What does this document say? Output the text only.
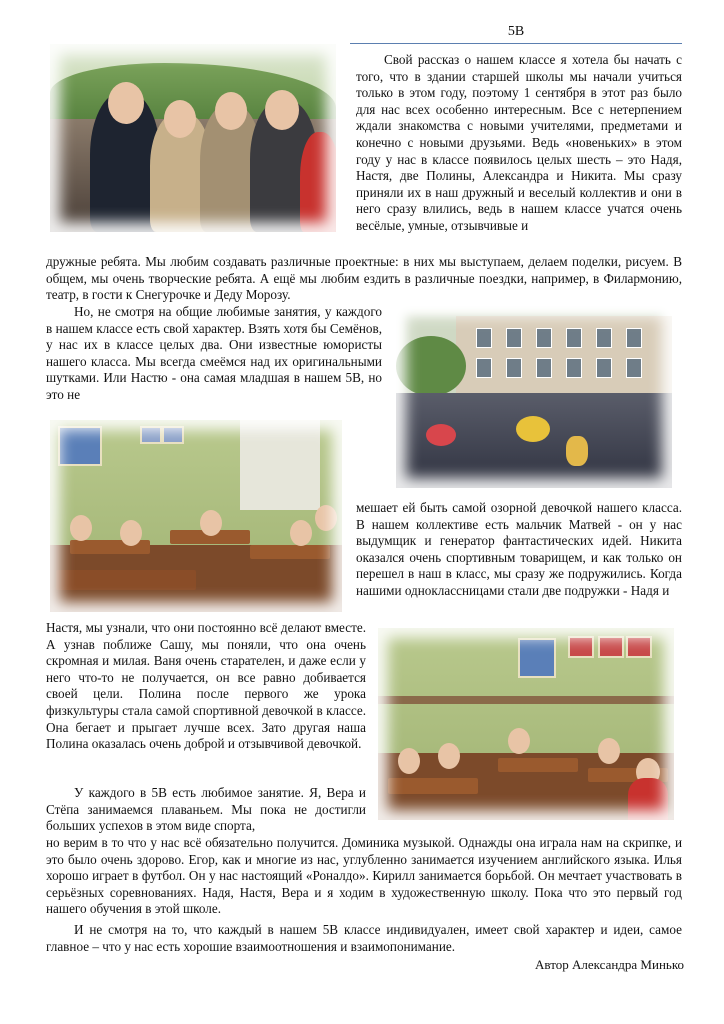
5В

Свой рассказ о нашем классе я хотела бы начать с того, что в здании старшей школы мы начали учиться только в этом году, поэтому 1 сентября в этот раз было для нас всех особенно интересным. Все с нетерпением ждали знакомства с новыми учителями, предметами и конечно с новыми друзьями. Ведь «новеньких» в этом году у нас в классе появилось целых шесть – это Надя, Настя, две Полины, Александра и Никита. Мы сразу приняли их в наш дружный и веселый коллектив и они в него сразу влились, ведь в нашем классе учатся очень весёлые, умные, отзывчивые и

дружные ребята. Мы любим создавать различные проектные: в них мы выступаем, делаем поделки, рисуем. В общем, мы очень творческие ребята. А ещё мы любим ездить в различные поездки, например, в Филармонию, театр, в гости к Снегурочке и Деду Морозу.

Но, не смотря на общие любимые занятия, у каждого в нашем классе есть свой характер. Взять хотя бы Семёнов, у нас их в классе целых два. Они известные юмористы нашего класса. Мы всегда смеёмся над их оригинальными шутками. Или Настю - она самая младшая в нашем 5В, но это не

мешает ей быть самой озорной девочкой нашего класса. В нашем коллективе есть мальчик Матвей - он у нас выдумщик и генератор фантастических идей. Никита оказался очень спортивным товарищем, и как только он перешел в наш в класс, мы сразу же подружились. Когда нашими одноклассницами стали две подружки - Надя и

Настя, мы узнали, что они постоянно всё делают вместе. А узнав поближе Сашу, мы поняли, что она очень скромная и милая. Ваня очень старателен, и даже если у него что-то не получается, он все равно добивается своей цели. Полина после первого же урока физкультуры стала самой спортивной девочкой в классе. Она бегает и прыгает лучше всех. Зато другая наша Полина оказалась очень доброй и отзывчивой девочкой.

У каждого в 5В есть любимое занятие. Я, Вера и Стёпа занимаемся плаваньем. Мы пока не достигли больших успехов в этом виде спорта,

но верим в то что у нас всё обязательно получится. Доминика музыкой. Однажды она играла нам на скрипке, и это было очень здорово. Егор, как и многие из нас, углубленно занимается изучением английского языка. Илья хорошо играет в футбол. Он у нас настоящий «Роналдо». Кирилл занимается борьбой. Он мечтает участвовать в серьёзных соревнованиях. Надя, Настя, Вера и я ходим в художественную школу. Пока что это первый год нашего обучения в этой школе.

И не смотря на то, что каждый в нашем 5В классе индивидуален, имеет свой характер и идеи, самое главное – что у нас есть хорошие взаимоотношения и взаимопонимание.

Автор Александра Минько
